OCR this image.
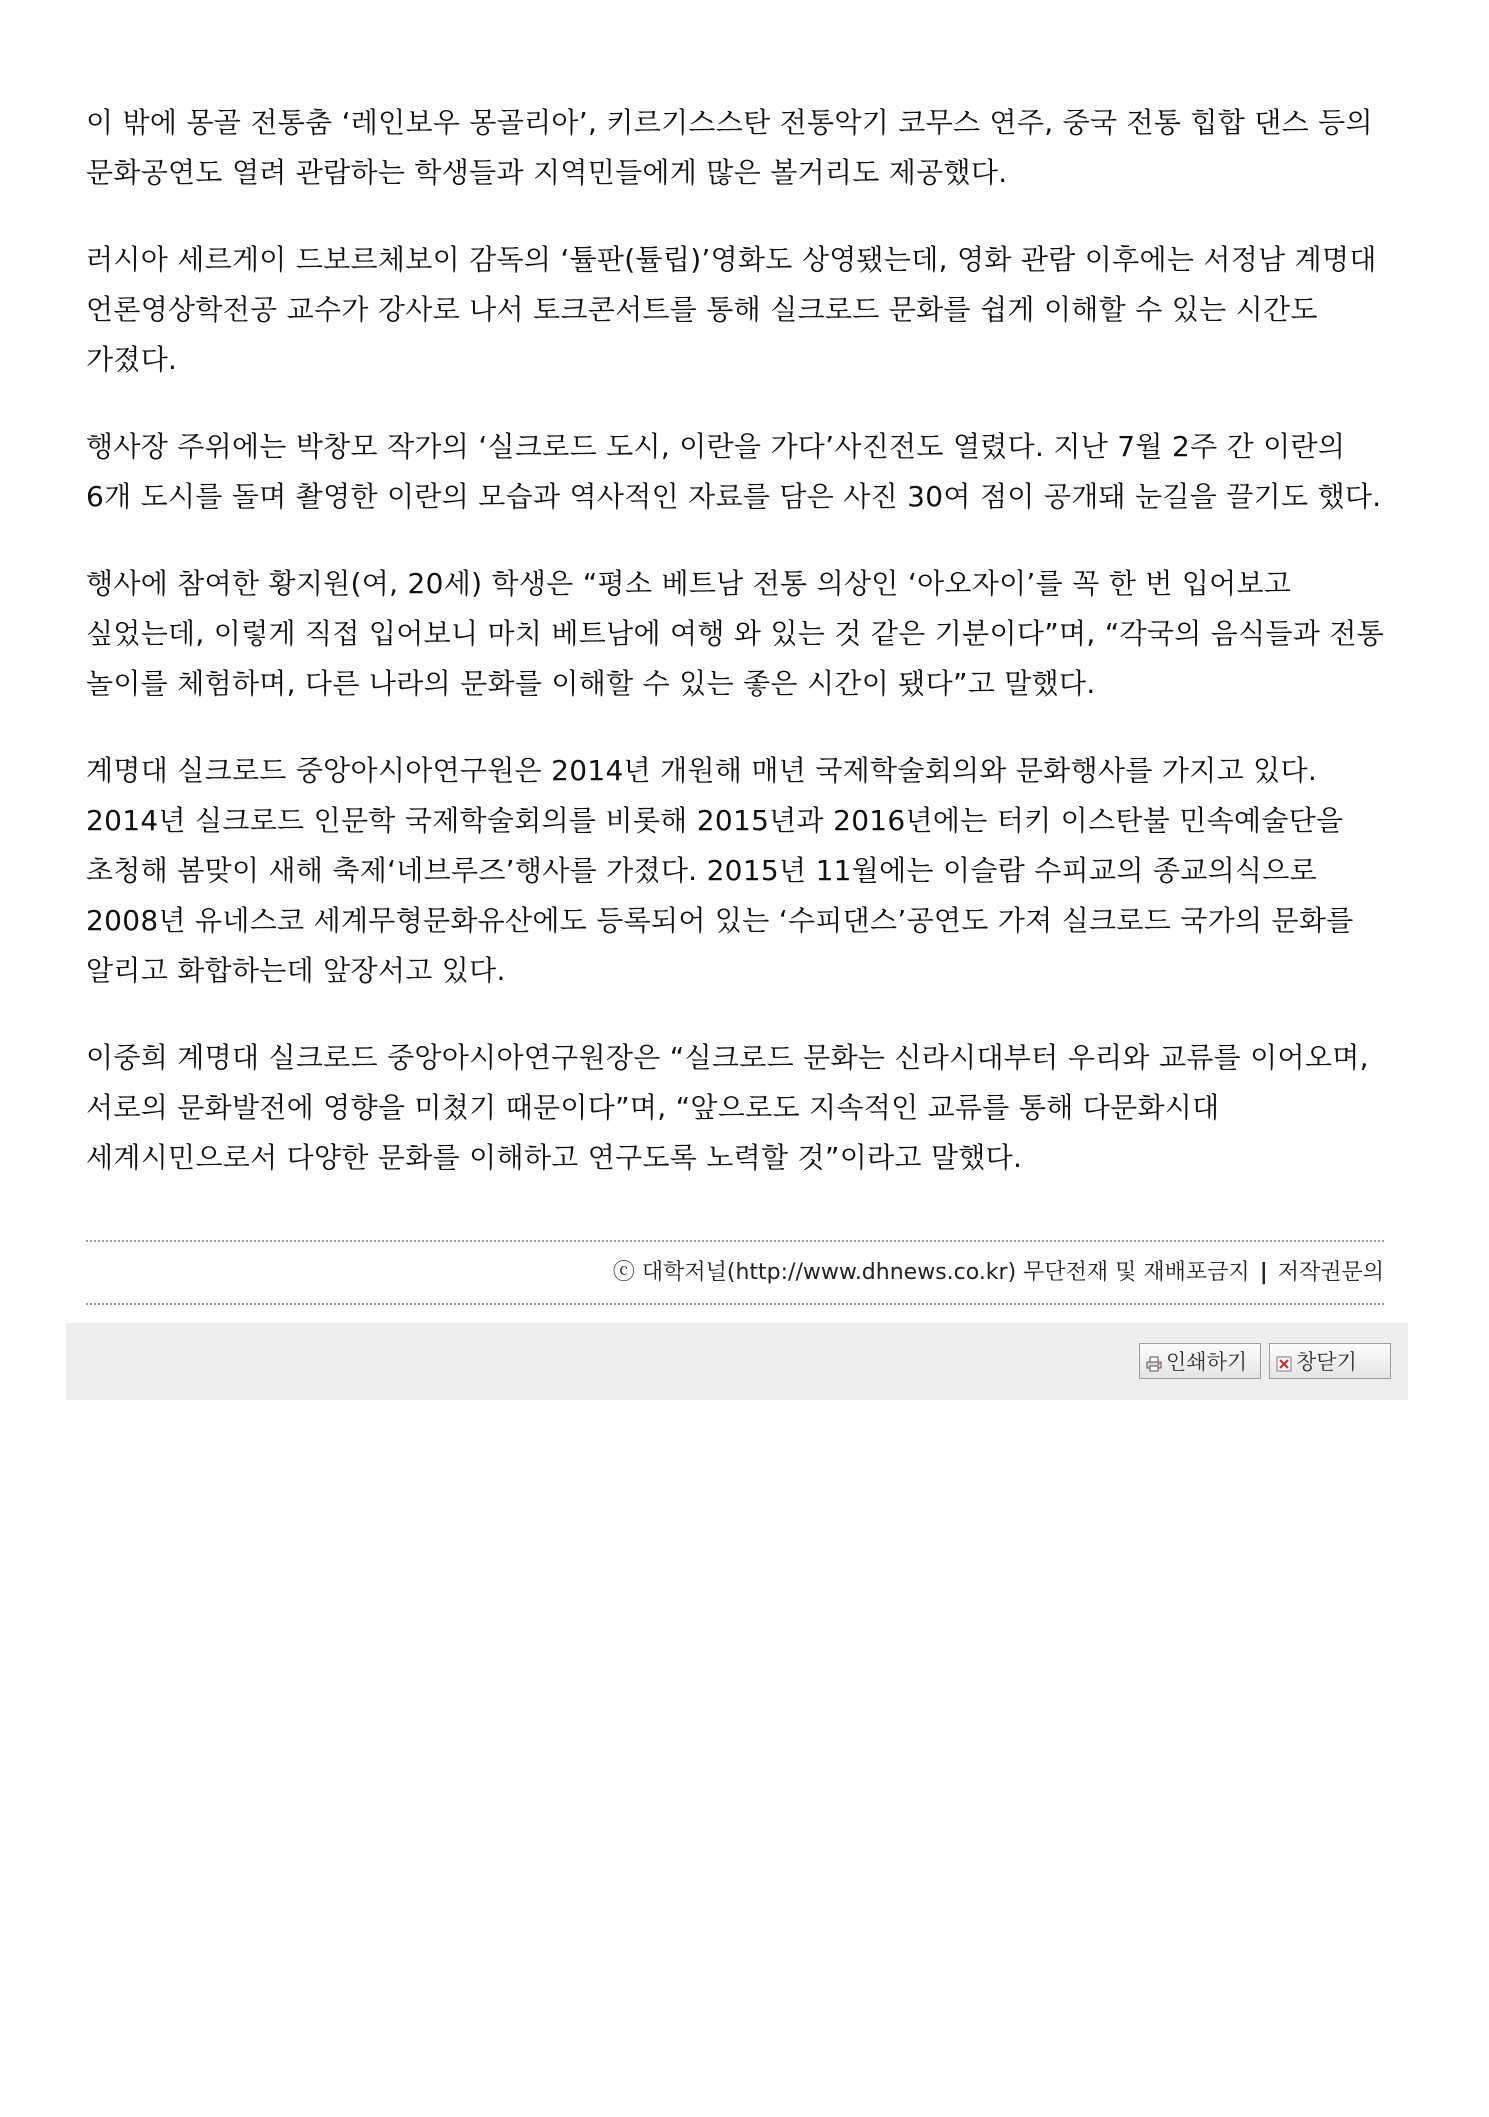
이 밖에 몽골 전통춤 ‘레인보우 몽골리아’, 키르기스스탄 전통악기 코무스 연주, 중국 전통 힙합 댄스 등의 문화공연도 열려 관람하는 학생들과 지역민들에게 많은 볼거리도 제공했다.

러시아 세르게이 드보르체보이 감독의 ‘튤판(튤립)’영화도 상영됐는데, 영화 관람 이후에는 서정남 계명대 언론영상학전공 교수가 강사로 나서 토크콘서트를 통해 실크로드 문화를 쉽게 이해할 수 있는 시간도 가졌다.

행사장 주위에는 박창모 작가의 ‘실크로드 도시, 이란을 가다’사진전도 열렸다. 지난 7월 2주 간 이란의 6개 도시를 돌며 촬영한 이란의 모습과 역사적인 자료를 담은 사진 30여 점이 공개돼 눈길을 끌기도 했다.

행사에 참여한 황지원(여, 20세) 학생은 “평소 베트남 전통 의상인 ‘아오자이’를 꼭 한 번 입어보고 싶었는데, 이렇게 직접 입어보니 마치 베트남에 여행 와 있는 것 같은 기분이다”며, “각국의 음식들과 전통 놀이를 체험하며, 다른 나라의 문화를 이해할 수 있는 좋은 시간이 됐다”고 말했다.

계명대 실크로드 중앙아시아연구원은 2014년 개원해 매년 국제학술회의와 문화행사를 가지고 있다. 2014년 실크로드 인문학 국제학술회의를 비롯해 2015년과 2016년에는 터키 이스탄불 민속예술단을 초청해 봄맞이 새해 축제‘네브루즈’행사를 가졌다. 2015년 11월에는 이슬람 수피교의 종교의식으로 2008년 유네스코 세계무형문화유산에도 등록되어 있는 ‘수피댄스’공연도 가져 실크로드 국가의 문화를 알리고 화합하는데 앞장서고 있다.

이중희 계명대 실크로드 중앙아시아연구원장은 “실크로드 문화는 신라시대부터 우리와 교류를 이어오며, 서로의 문화발전에 영향을 미쳤기 때문이다”며, “앞으로도 지속적인 교류를 통해 다문화시대 세계시민으로서 다양한 문화를 이해하고 연구도록 노력할 것”이라고 말했다.

ⓒ 대학저널(http://www.dhnews.co.kr) 무단전재 및 재배포금지 | 저작권문의
인쇄하기 창닫기
